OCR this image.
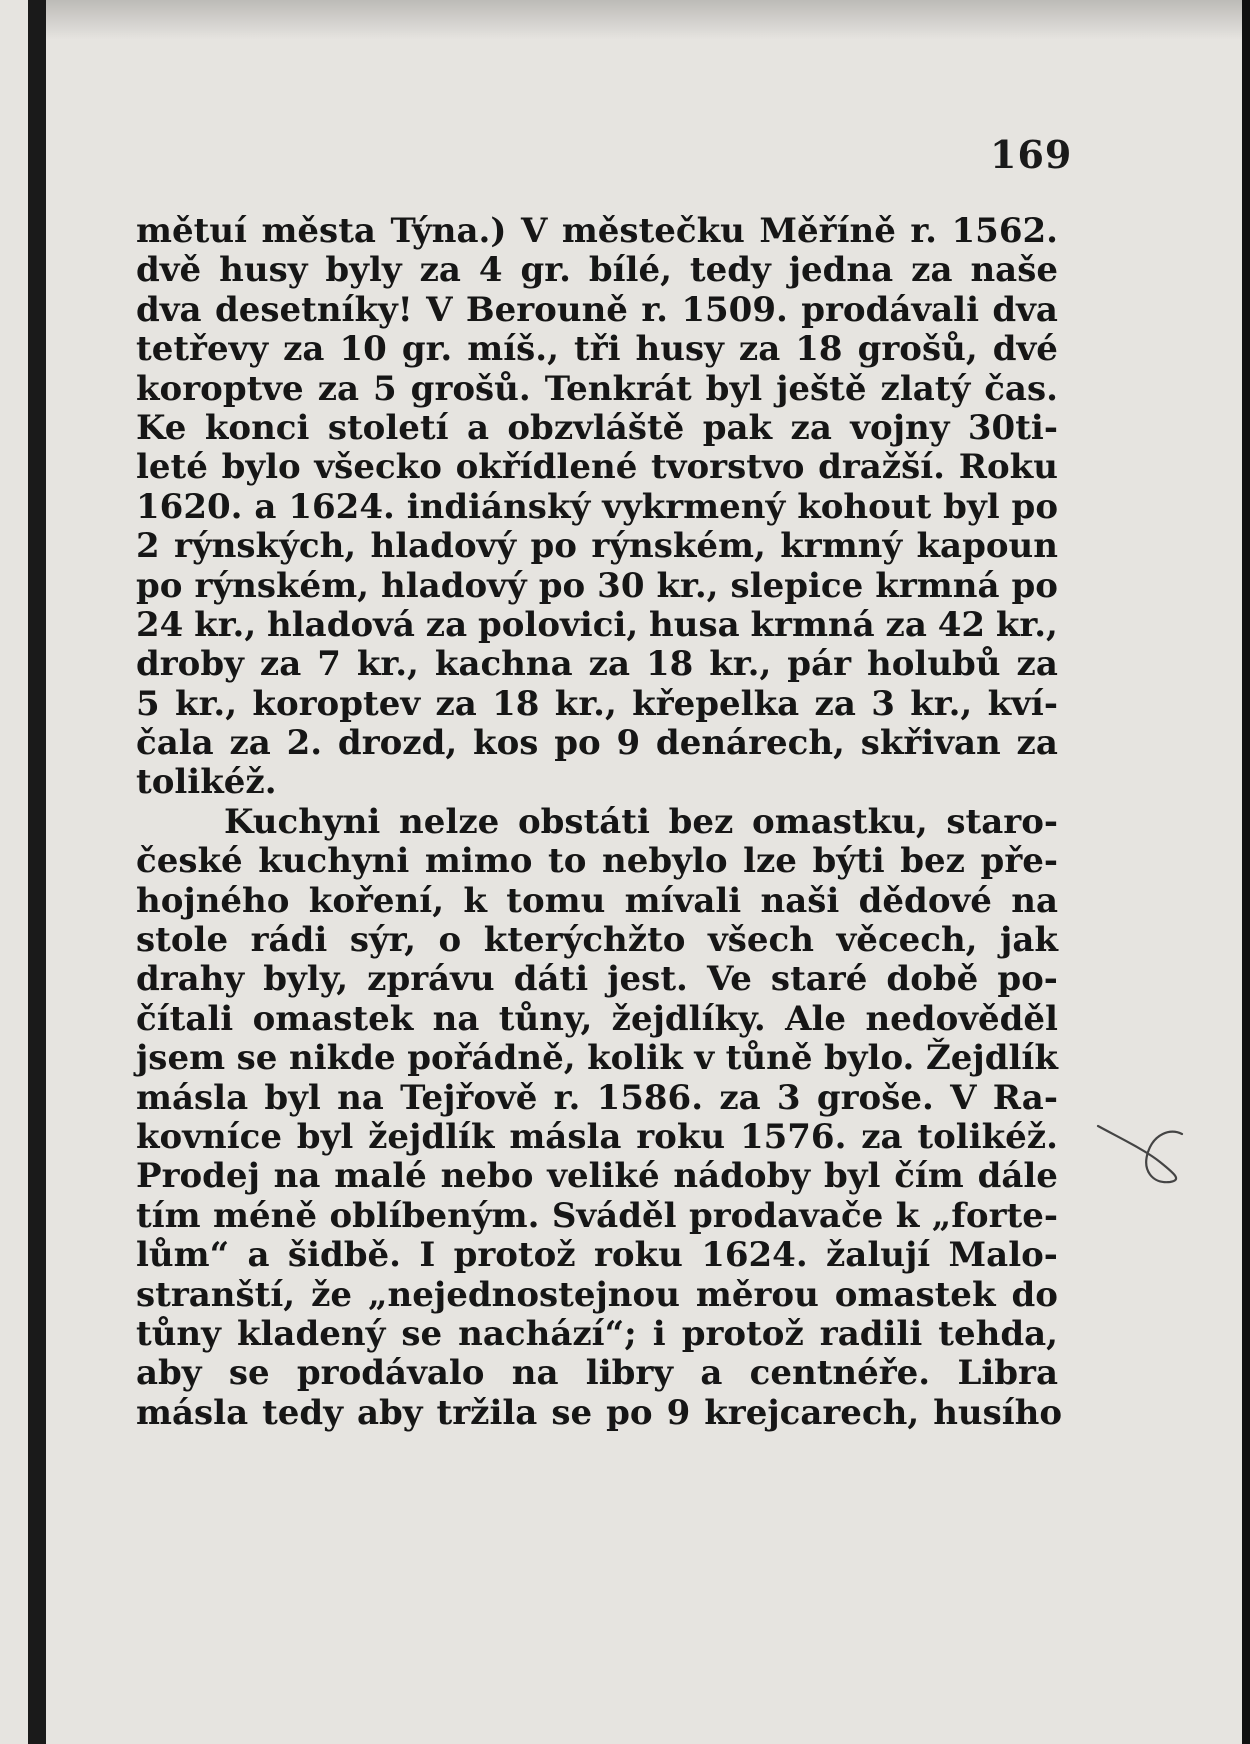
169
mětuí města Týna.) V městečku Měříně r. 1562.
dvě husy byly za 4 gr. bílé, tedy jedna za naše
dva desetníky! V Berouně r. 1509. prodávali dva
tetřevy za 10 gr. míš., tři husy za 18 grošů, dvé
koroptve za 5 grošů. Tenkrát byl ještě zlatý čas.
Ke konci století a obzvláště pak za vojny 30ti-
leté bylo všecko okřídlené tvorstvo dražší. Roku
1620. a 1624. indiánský vykrmený kohout byl po
2 rýnských, hladový po rýnském, krmný kapoun
po rýnském, hladový po 30 kr., slepice krmná po
24 kr., hladová za polovici, husa krmná za 42 kr.,
droby za 7 kr., kachna za 18 kr., pár holubů za
5 kr., koroptev za 18 kr., křepelka za 3 kr., kví-
čala za 2. drozd, kos po 9 denárech, skřivan za
tolikéž.
Kuchyni nelze obstáti bez omastku, staro-
české kuchyni mimo to nebylo lze býti bez pře-
hojného koření, k tomu mívali naši dědové na
stole rádi sýr, o kterýchžto všech věcech, jak
drahy byly, zprávu dáti jest. Ve staré době po-
čítali omastek na tůny, žejdlíky. Ale nedověděl
jsem se nikde pořádně, kolik v tůně bylo. Žejdlík
másla byl na Tejřově r. 1586. za 3 groše. V Ra-
kovníce byl žejdlík másla roku 1576. za tolikéž.
Prodej na malé nebo veliké nádoby byl čím dále
tím méně oblíbeným. Sváděl prodavače k „forte-
lům“ a šidbě. I protož roku 1624. žalují Malo-
stranští, že „nejednostejnou měrou omastek do
tůny kladený se nachází“; i protož radili tehda,
aby se prodávalo na libry a centnéře. Libra
másla tedy aby tržila se po 9 krejcarech, husího
